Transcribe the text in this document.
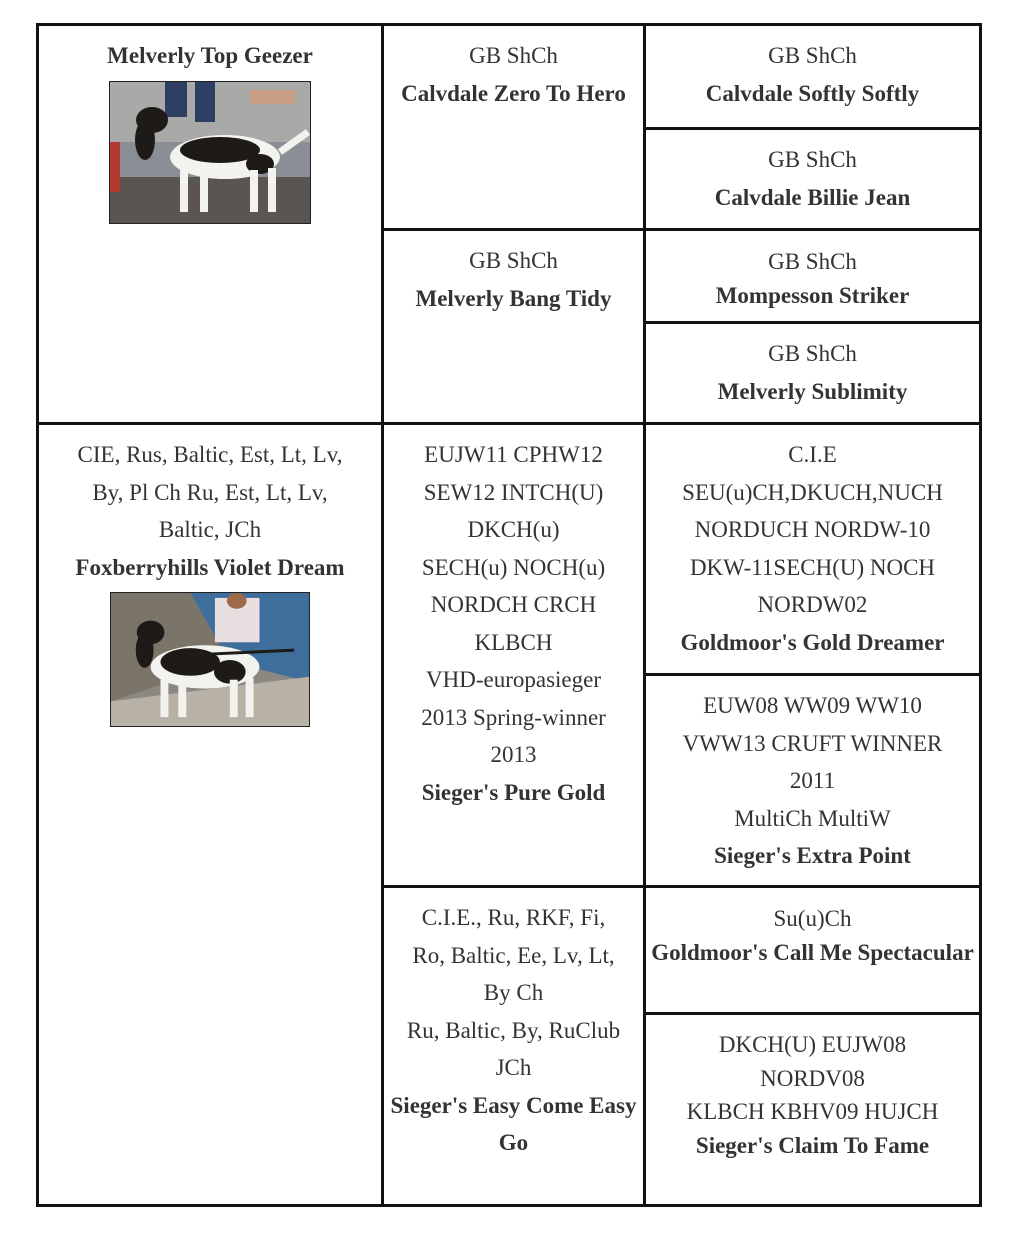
Melverly Top Geezer	GB ShCh
Calvdale Zero To Hero
GB ShCh
Calvdale Softly Softly
GB ShCh
Calvdale Billie Jean
GB ShCh
Melverly Bang Tidy
GB ShCh
Mompesson Striker
GB ShCh
Melverly Sublimity
CIE, Rus, Baltic, Est, Lt, Lv,
By, Pl Ch Ru, Est, Lt, Lv,
Baltic, JCh
Foxberryhills Violet Dream
EUJW11 CPHW12
SEW12 INTCH(U)
DKCH(u)
SECH(u) NOCH(u)
NORDCH CRCH
KLBCH
VHD-europasieger
2013 Spring-winner
2013
Sieger's Pure Gold
C.I.E
SEU(u)CH,DKUCH,NUCH
NORDUCH NORDW-10
DKW-11SECH(U) NOCH
NORDW02
Goldmoor's Gold Dreamer
EUW08 WW09 WW10
VWW13 CRUFT WINNER
2011
MultiCh MultiW
Sieger's Extra Point
C.I.E., Ru, RKF, Fi,
Ro, Baltic, Ee, Lv, Lt,
By Ch
Ru, Baltic, By, RuClub
JCh
Sieger's Easy Come Easy Go
Su(u)Ch
Goldmoor's Call Me Spectacular
DKCH(U) EUJW08
NORDV08
KLBCH KBHV09 HUJCH
Sieger's Claim To Fame
